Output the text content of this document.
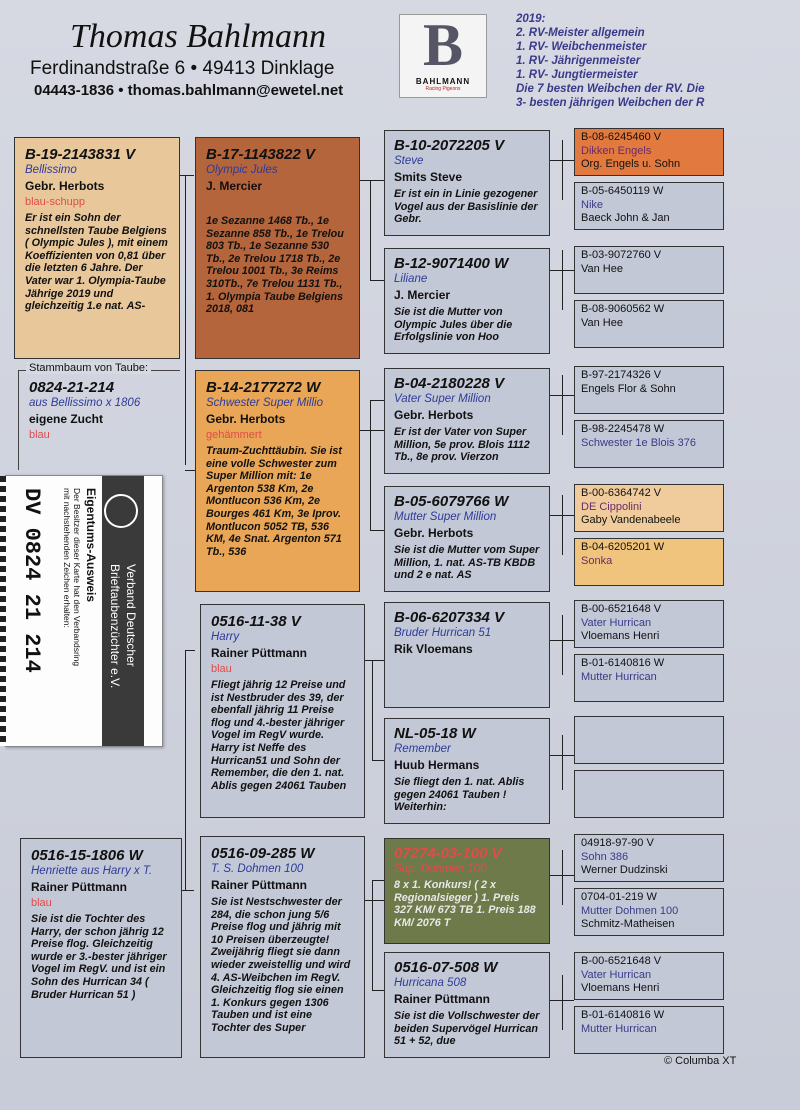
Thomas Bahlmann
Ferdinandstraße 6 • 49413 Dinklage
04443-1836 • thomas.bahlmann@ewetel.net
B
BAHLMANN
Racing Pigeons
2019:
2. RV-Meister allgemein
1. RV- Weibchenmeister
1. RV- Jährigenmeister
1. RV- Jungtiermeister
Die 7 besten Weibchen der RV. Die
3- besten jährigen Weibchen der R
0824-21-214
aus Bellissimo x 1806
eigene Zucht
blau
Stammbaum von Taube:
B-19-2143831 V
Bellissimo
Gebr. Herbots
blau-schupp
Er ist ein Sohn der schnellsten Taube Belgiens ( Olympic Jules ), mit einem Koeffizienten von 0,81 über die letzten 6 Jahre. Der Vater war 1. Olympia-Taube Jährige 2019 und gleichzeitig 1.e nat. AS-
0516-15-1806 W
Henriette aus Harry x T.
Rainer Püttmann
blau
Sie ist die Tochter des Harry, der schon jährig 12 Preise flog. Gleichzeitig wurde er 3.-bester jähriger Vogel im RegV. und ist ein Sohn des Hurrican 34 ( Bruder Hurrican 51 )
B-17-1143822 V
Olympic Jules
J. Mercier
1e Sezanne 1468 Tb., 1e Sezanne 858 Tb., 1e Trelou 803 Tb., 1e Sezanne 530 Tb., 2e Trelou 1718 Tb., 2e Trelou 1001 Tb., 3e Reims 310Tb., 7e Trelou 1131 Tb., 1. Olympia Taube Belgiens 2018, 081
B-14-2177272 W
Schwester Super Millio
Gebr. Herbots
gehämmert
Traum-Zuchttäubin. Sie ist eine volle Schwester zum Super Million mit: 1e Argenton 538 Km, 2e Montlucon 536 Km, 2e Bourges 461 Km, 3e Iprov. Montlucon 5052 TB, 536 KM, 4e Snat. Argenton 571 Tb., 536
0516-11-38 V
Harry
Rainer Püttmann
blau
Fliegt jährig 12 Preise und ist Nestbruder des 39, der ebenfall jährig 11 Preise flog und 4.-bester jähriger Vogel im RegV wurde. Harry ist Neffe des Hurrican51 und Sohn der Remember, die den 1. nat. Ablis gegen 24061 Tauben
0516-09-285 W
T. S. Dohmen 100
Rainer Püttmann
Sie ist Nestschwester der 284, die schon jung 5/6 Preise flog und jährig mit 10 Preisen überzeugte! Zweijährig fliegt sie dann wieder zweistellig und wird 4. AS-Weibchen im RegV. Gleichzeitig flog sie einen 1. Konkurs gegen 1306 Tauben und ist eine Tochter des Super
B-10-2072205 V
Steve
Smits Steve
Er ist ein in Linie gezogener Vogel aus der Basislinie der Gebr.
B-12-9071400 W
Liliane
J. Mercier
Sie ist die Mutter von Olympic Jules über die Erfolgslinie von Hoo
B-04-2180228 V
Vater Super Million
Gebr. Herbots
Er ist der Vater von Super Million, 5e prov. Blois 1112 Tb., 8e prov. Vierzon
B-05-6079766 W
Mutter Super Million
Gebr. Herbots
Sie ist die Mutter vom Super Million, 1. nat. AS-TB KBDB und 2 e nat. AS
B-06-6207334 V
Bruder Hurrican 51
Rik Vloemans
NL-05-18 W
Remember
Huub Hermans
Sie fliegt den 1. nat. Ablis gegen 24061 Tauben ! Weiterhin:
07274-03-100 V
Sup. Dohmen 100
8 x 1. Konkurs! ( 2 x Regionalsieger ) 1. Preis 327 KM/ 673 TB 1. Preis 188 KM/ 2076 T
0516-07-508 W
Hurricana 508
Rainer Püttmann
Sie ist die Vollschwester der beiden Supervögel Hurrican 51 + 52, due
B-08-6245460 V
Dikken Engels
Org. Engels u. Sohn
B-05-6450119 W
Nike
Baeck John & Jan
B-03-9072760 V
Van Hee
B-08-9060562 W
Van Hee
B-97-2174326 V
Engels Flor & Sohn
B-98-2245478 W
Schwester 1e Blois 376
B-00-6364742 V
DE Cippolini
Gaby Vandenabeele
B-04-6205201 W
Sonka
B-00-6521648 V
Vater Hurrican
Vloemans Henri
B-01-6140816 W
Mutter Hurrican
04918-97-90 V
Sohn 386
Werner Dudzinski
0704-01-219 W
Mutter Dohmen 100
Schmitz-Matheisen
B-00-6521648 V
Vater Hurrican
Vloemans Henri
B-01-6140816 W
Mutter Hurrican
Verband Deutscher
Brieftaubenzüchter e.V.
Eigentums-Ausweis
Der Besitzer dieser Karte hat den Verbandsring
mit nachstehenden Zeichen erhalten:
DV 0824 21 214
© Columba XT
